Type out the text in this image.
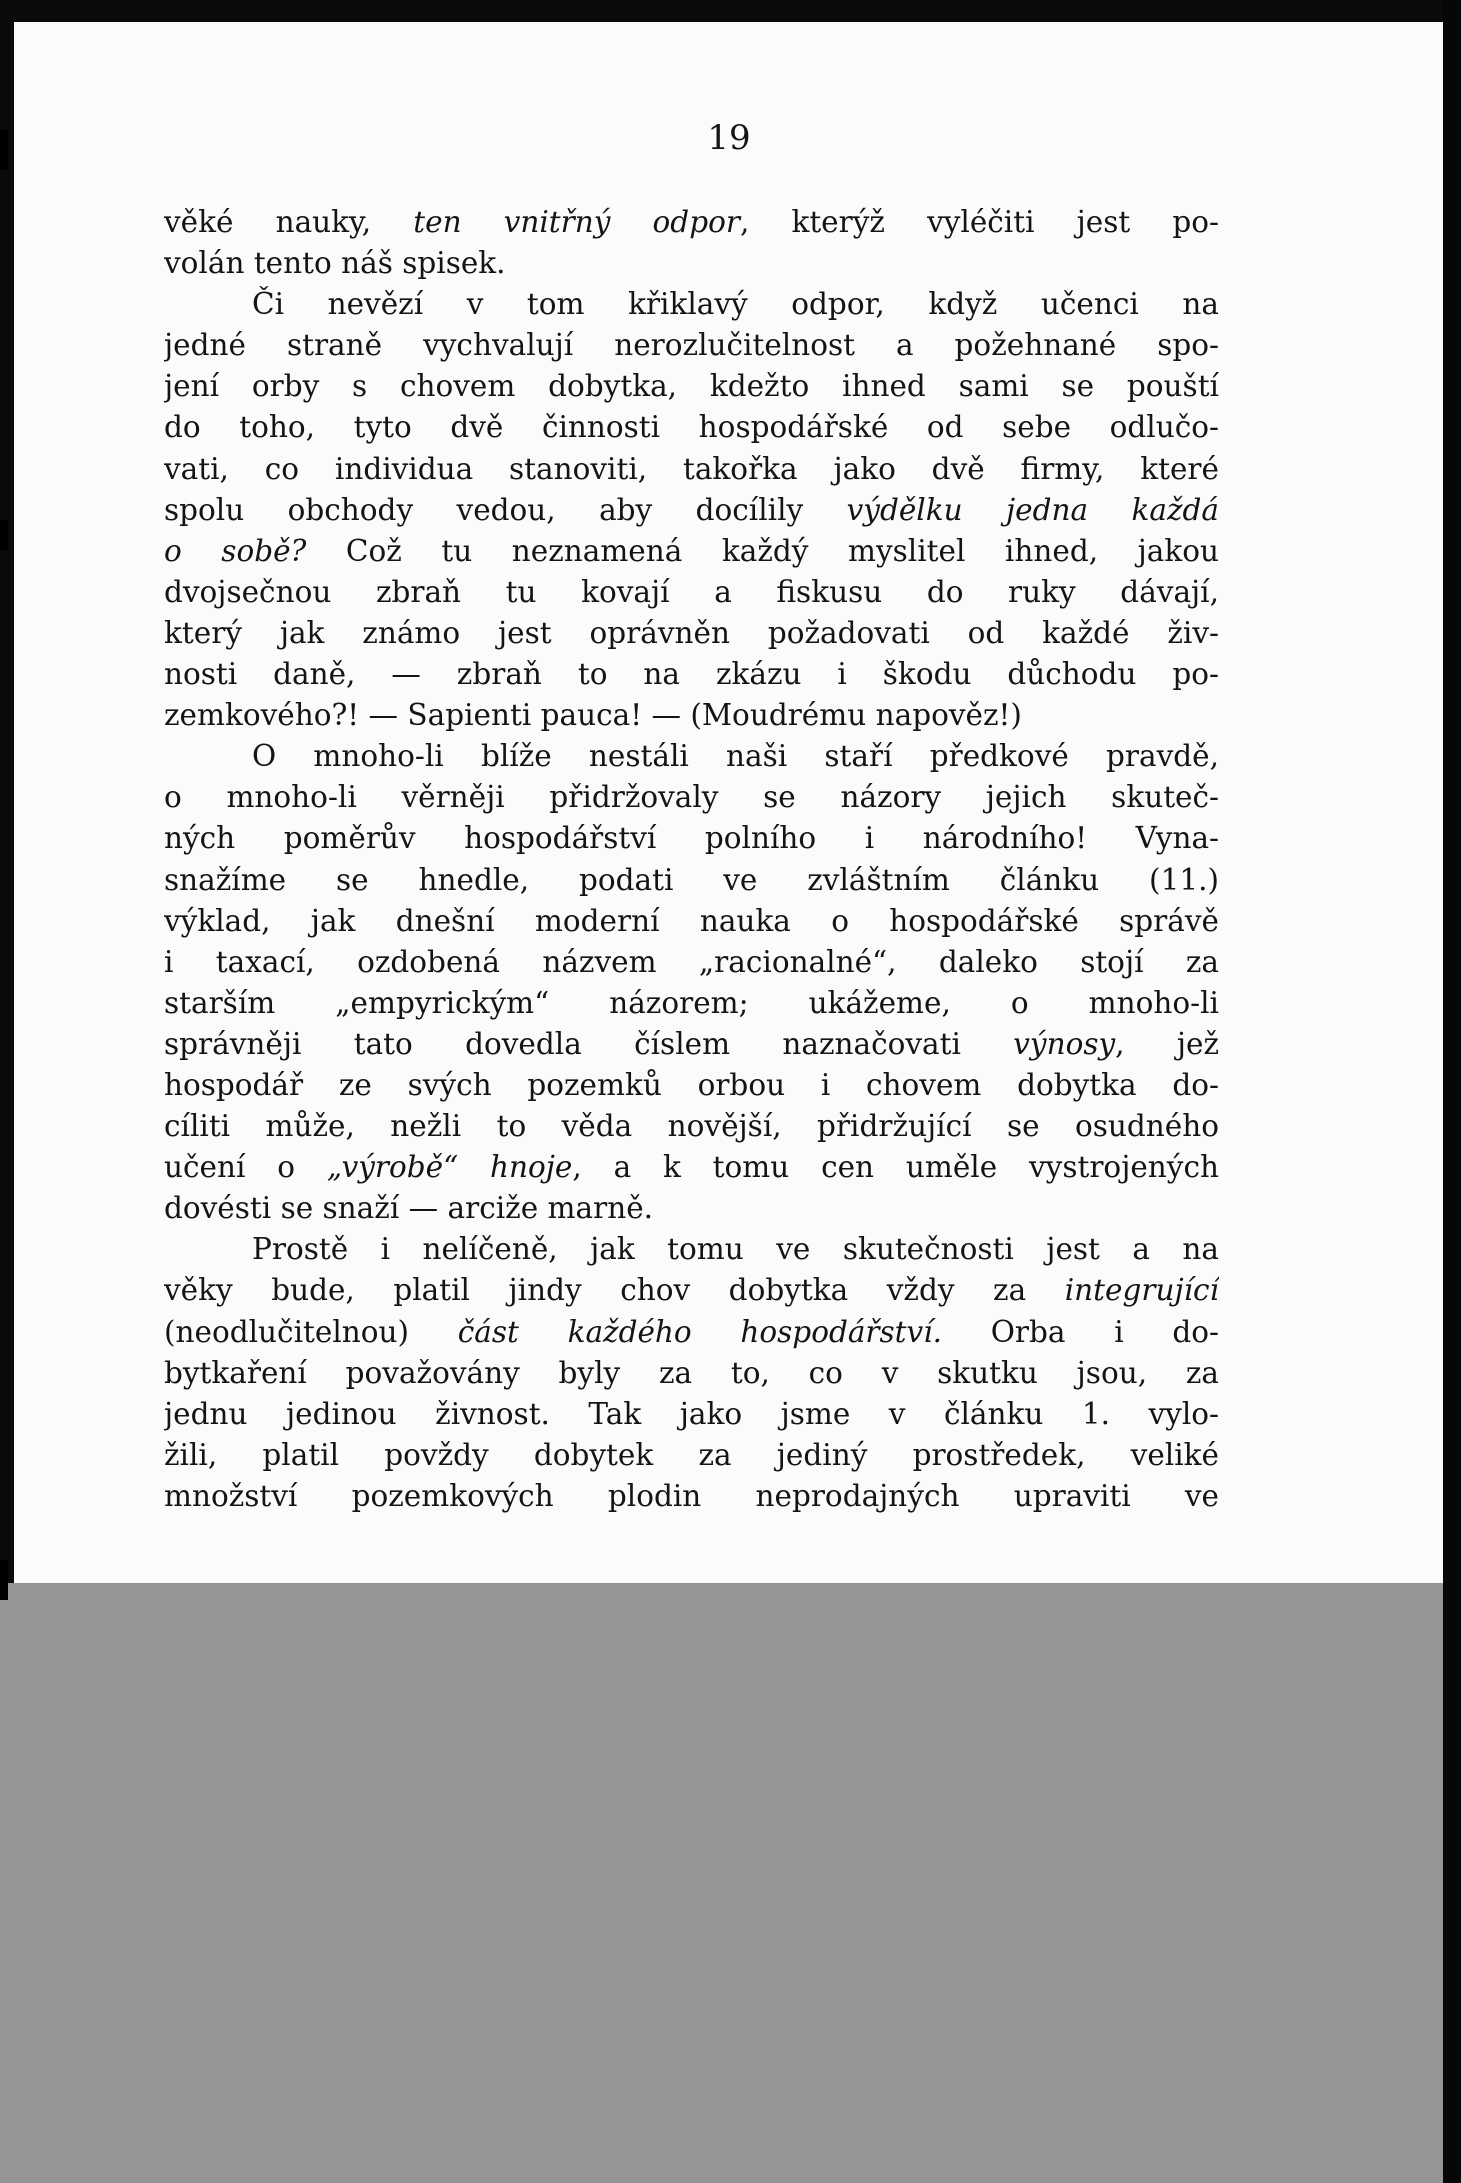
19
věké nauky, ten vnitřný odpor, kterýž vyléčiti jest po-
volán tento náš spisek.
Či nevězí v tom křiklavý odpor, když učenci na
jedné straně vychvalují nerozlučitelnost a požehnané spo-
jení orby s chovem dobytka, kdežto ihned sami se pouští
do toho, tyto dvě činnosti hospodářské od sebe odlučo-
vati, co individua stanoviti, takořka jako dvě firmy, které
spolu obchody vedou, aby docílily výdělku jedna každá
o sobě? Což tu neznamená každý myslitel ihned, jakou
dvojsečnou zbraň tu kovají a fiskusu do ruky dávají,
který jak známo jest oprávněn požadovati od každé živ-
nosti daně, — zbraň to na zkázu i škodu důchodu po-
zemkového?! — Sapienti pauca! — (Moudrému napověz!)
O mnoho-li blíže nestáli naši staří předkové pravdě,
o mnoho-li věrněji přidržovaly se názory jejich skuteč-
ných poměrův hospodářství polního i národního! Vyna-
snažíme se hnedle, podati ve zvláštním článku (11.)
výklad, jak dnešní moderní nauka o hospodářské správě
i taxací, ozdobená názvem „racionalné“, daleko stojí za
starším „empyrickým“ názorem; ukážeme, o mnoho-li
správněji tato dovedla číslem naznačovati výnosy, jež
hospodář ze svých pozemků orbou i chovem dobytka do-
cíliti může, nežli to věda novější, přidržující se osudného
učení o „výrobě“ hnoje, a k tomu cen uměle vystrojených
dovésti se snaží — arciže marně.
Prostě i nelíčeně, jak tomu ve skutečnosti jest a na
věky bude, platil jindy chov dobytka vždy za integrující
(neodlučitelnou) část každého hospodářství. Orba i do-
bytkaření považovány byly za to, co v skutku jsou, za
jednu jedinou živnost. Tak jako jsme v článku 1. vylo-
žili, platil povždy dobytek za jediný prostředek, veliké
množství pozemkových plodin neprodajných upraviti ve
